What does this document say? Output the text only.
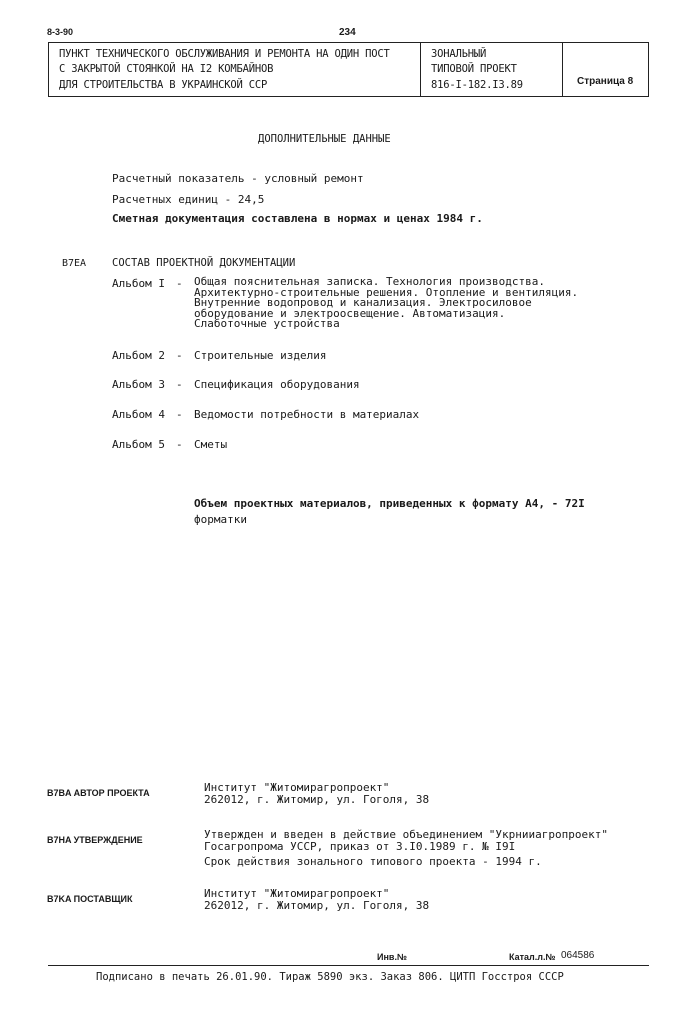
8-3-90	234
ПУНКТ ТЕХНИЧЕСКОГО ОБСЛУЖИВАНИЯ И РЕМОНТА НА ОДИН ПОСТ
С ЗАКРЫТОЙ СТОЯНКОЙ НА I2 КОМБАЙНОВ
ДЛЯ СТРОИТЕЛЬСТВА В УКРАИНСКОЙ ССР
ЗОНАЛЬНЫЙ
ТИПОВОЙ ПРОЕКТ
816-I-182.I3.89	Страница 8
ДОПОЛНИТЕЛЬНЫЕ ДАННЫЕ
Расчетный показатель - условный ремонт
Расчетных единиц - 24,5
Сметная документация составлена в нормах и ценах 1984 г.
B7EA СОСТАВ ПРОЕКТНОЙ ДОКУМЕНТАЦИИ
Альбом I - Общая пояснительная записка. Технология производства.
Архитектурно-строительные решения. Отопление и вентиляция.
Внутренние водопровод и канализация. Электросиловое
оборудование и электроосвещение. Автоматизация.
Слаботочные устройства
Альбом 2 - Строительные изделия
Альбом 3 - Спецификация оборудования
Альбом 4 - Ведомости потребности в материалах
Альбом 5 - Сметы
Объем проектных материалов, приведенных к формату А4, - 72I
форматки
B7BA АВТОР ПРОЕКТА	Институт "Житомирагропроект"
262012, г. Житомир, ул. Гоголя, 38
B7HA УТВЕРЖДЕНИЕ	Утвержден и введен в действие объединением "Укрнииагропроект"
Госагропрома УССР, приказ от 3.I0.1989 г. № I9I
Срок действия зонального типового проекта - 1994 г.
B7KA ПОСТАВЩИК	Институт "Житомирагропроект"
262012, г. Житомир, ул. Гоголя, 38
Инв.№	Катал.л.№ 064586
Подписано в печать 26.01.90. Тираж 5890 экз. Заказ 806. ЦИТП Госстроя СССР
